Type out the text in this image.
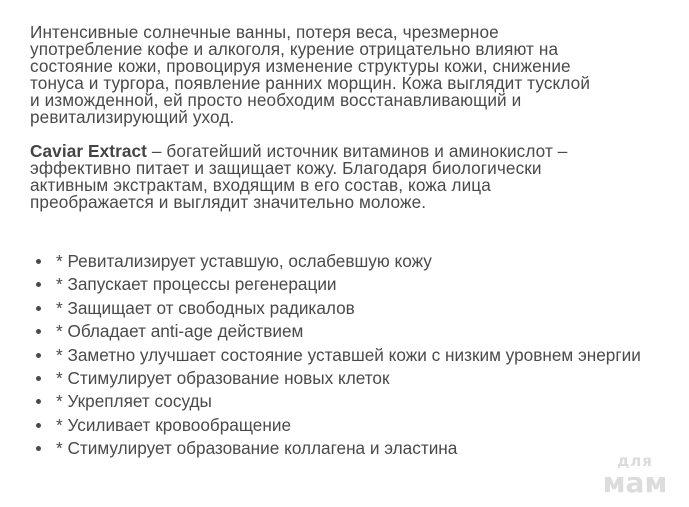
Интенсивные солнечные ванны, потеря веса, чрезмерное
употребление кофе и алкоголя, курение отрицательно влияют на
состояние кожи, провоцируя изменение структуры кожи, снижение
тонуса и тургора, появление ранних морщин. Кожа выглядит тусклой
и изможденной, ей просто необходим восстанавливающий и
ревитализирующий уход.

Caviar Extract – богатейший источник витаминов и аминокислот –
эффективно питает и защищает кожу. Благодаря биологически
активным экстрактам, входящим в его состав, кожа лица
преображается и выглядит значительно моложе.

* Ревитализирует уставшую, ослабевшую кожу
* Запускает процессы регенерации
* Защищает от свободных радикалов
* Обладает anti-age действием
* Заметно улучшает состояние уставшей кожи с низким уровнем энергии
* Стимулирует образование новых клеток
* Укрепляет сосуды
* Усиливает кровообращение
* Стимулирует образование коллагена и эластина
для
мам
